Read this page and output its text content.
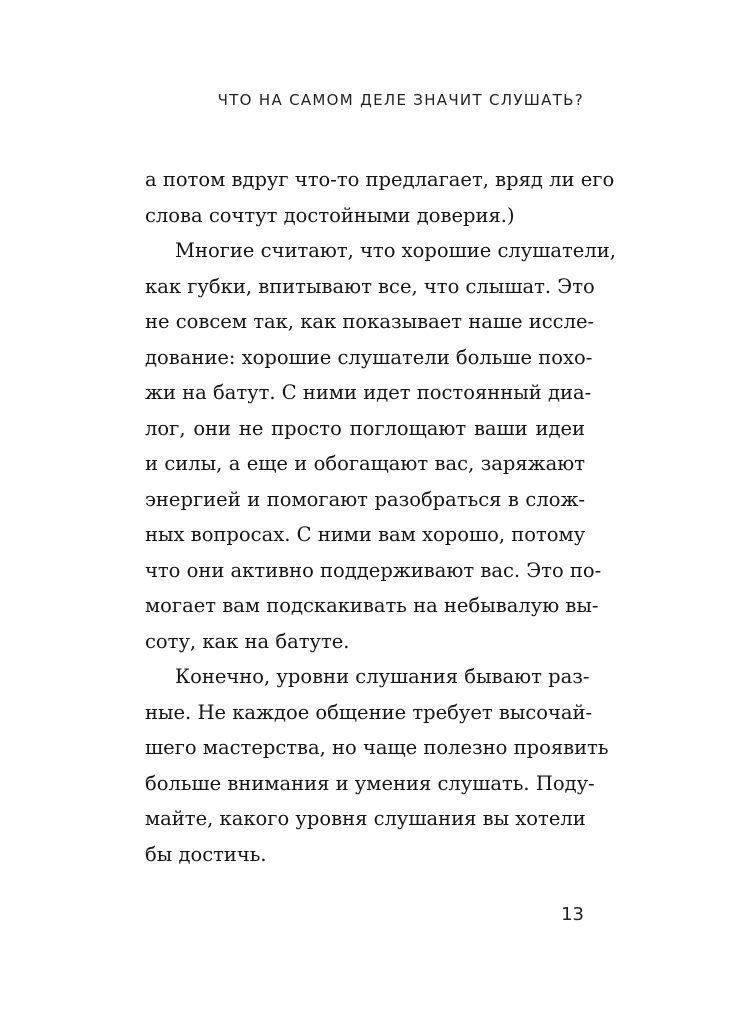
ЧТО НА САМОМ ДЕЛЕ ЗНАЧИТ СЛУШАТЬ?
а потом вдруг что-то предлагает, вряд ли его
слова сочтут достойными доверия.)
Многие считают, что хорошие слушатели,
как губки, впитывают все, что слышат. Это
не совсем так, как показывает наше иссле-
дование: хорошие слушатели больше похо-
жи на батут. С ними идет постоянный диа-
лог, они не просто поглощают ваши идеи
и силы, а еще и обогащают вас, заряжают
энергией и помогают разобраться в слож-
ных вопросах. С ними вам хорошо, потому
что они активно поддерживают вас. Это по-
могает вам подскакивать на небывалую вы-
соту, как на батуте.
Конечно, уровни слушания бывают раз-
ные. Не каждое общение требует высочай-
шего мастерства, но чаще полезно проявить
больше внимания и умения слушать. Поду-
майте, какого уровня слушания вы хотели
бы достичь.
13
